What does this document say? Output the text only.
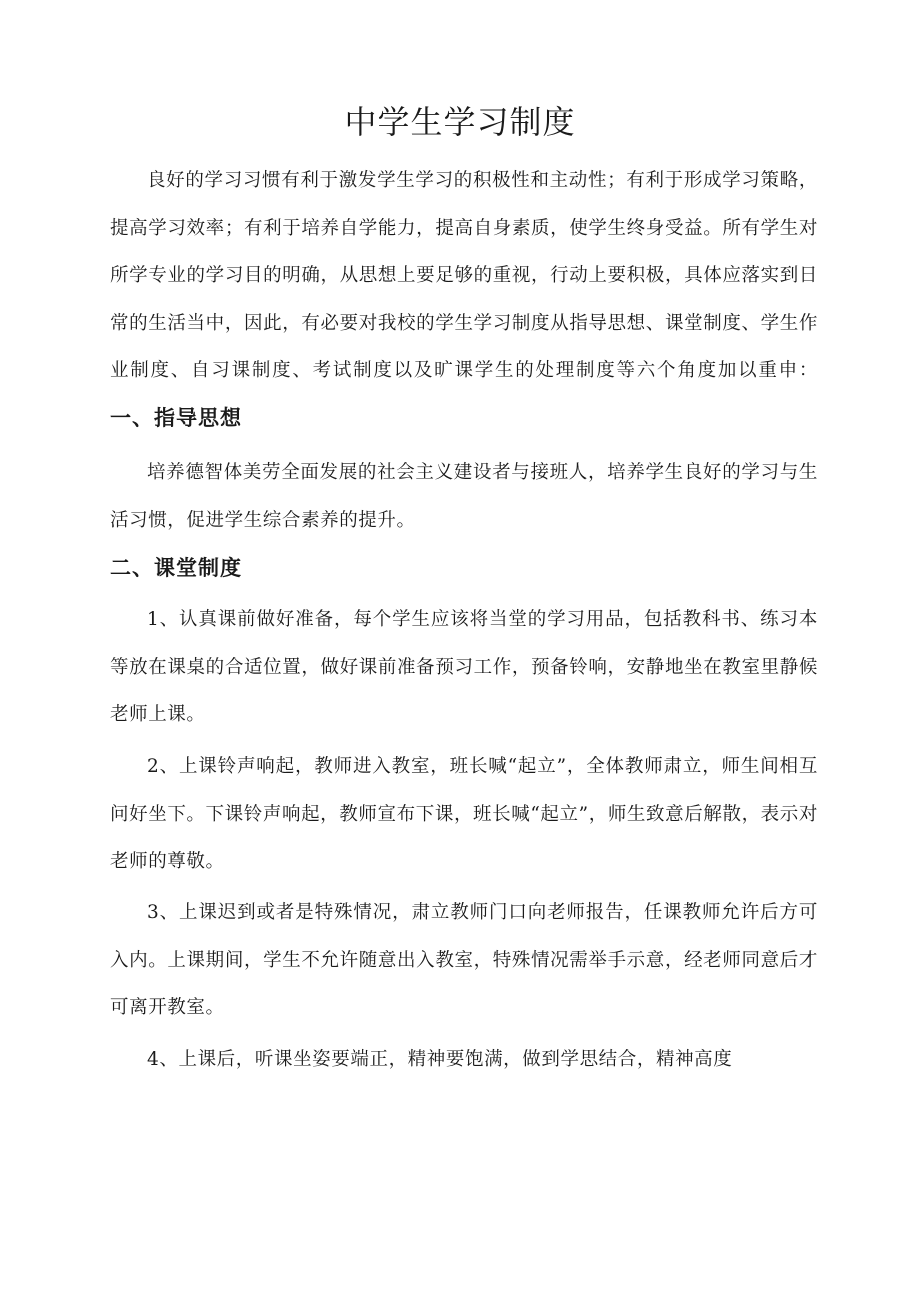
中学生学习制度

良好的学习习惯有利于激发学生学习的积极性和主动性；有利于形成学习策略，提高学习效率；有利于培养自学能力，提高自身素质，使学生终身受益。所有学生对所学专业的学习目的明确，从思想上要足够的重视，行动上要积极，具体应落实到日常的生活当中，因此，有必要对我校的学生学习制度从指导思想、课堂制度、学生作业制度、自习课制度、考试制度以及旷课学生的处理制度等六个角度加以重申：一、指导思想

培养德智体美劳全面发展的社会主义建设者与接班人，培养学生良好的学习与生活习惯，促进学生综合素养的提升。

二、课堂制度

1、认真课前做好准备，每个学生应该将当堂的学习用品，包括教科书、练习本等放在课桌的合适位置，做好课前准备预习工作，预备铃响，安静地坐在教室里静候老师上课。

2、上课铃声响起，教师进入教室，班长喊“起立”，全体教师肃立，师生间相互问好坐下。下课铃声响起，教师宣布下课，班长喊“起立”，师生致意后解散，表示对老师的尊敬。

3、上课迟到或者是特殊情况，肃立教师门口向老师报告，任课教师允许后方可入内。上课期间，学生不允许随意出入教室，特殊情况需举手示意，经老师同意后才可离开教室。

4、上课后，听课坐姿要端正，精神要饱满，做到学思结合，精神高度
